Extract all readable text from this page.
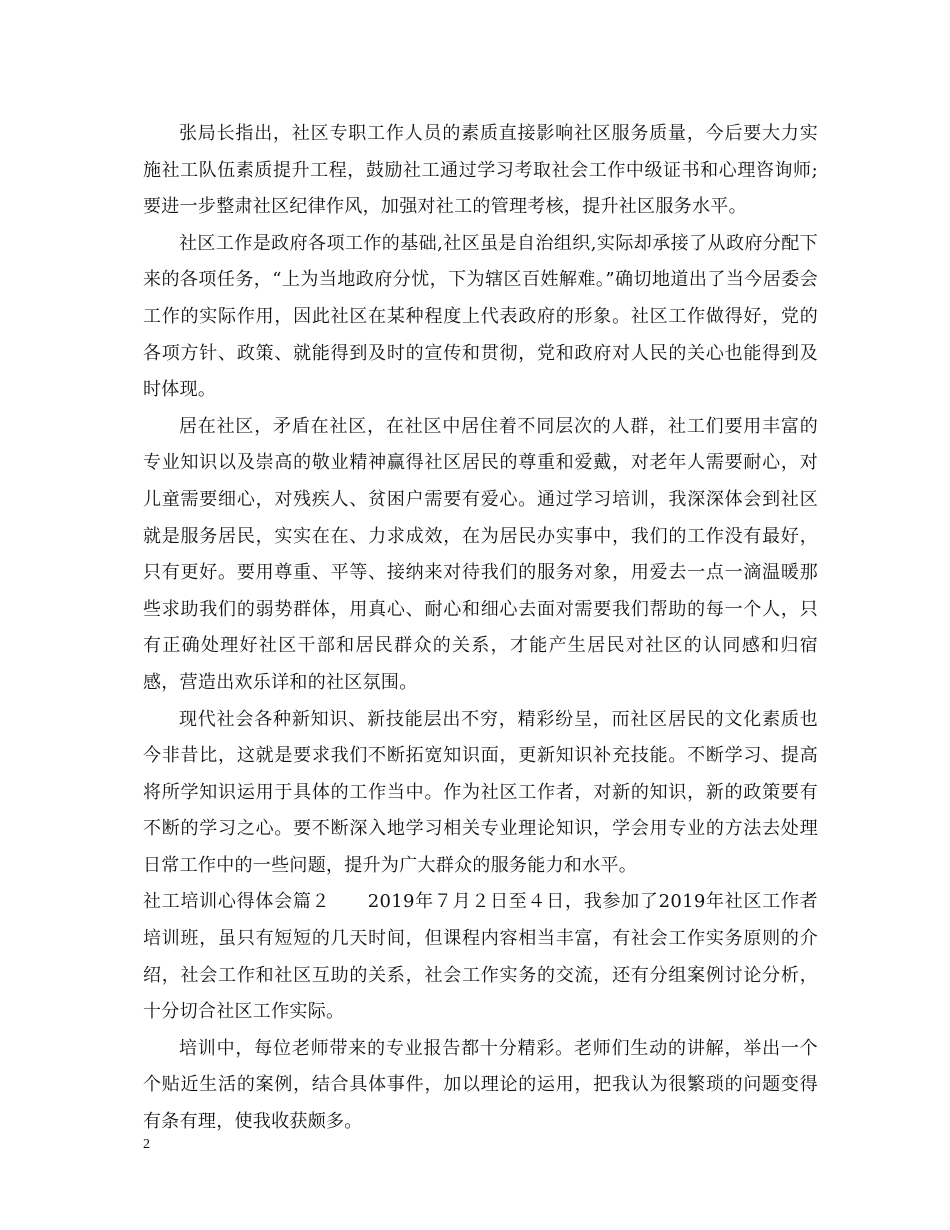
张局长指出，社区专职工作人员的素质直接影响社区服务质量，今后要大力实施社工队伍素质提升工程，鼓励社工通过学习考取社会工作中级证书和心理咨询师;要进一步整肃社区纪律作风，加强对社工的管理考核，提升社区服务水平。

社区工作是政府各项工作的基础,社区虽是自治组织,实际却承接了从政府分配下来的各项任务，“上为当地政府分忧，下为辖区百姓解难。”确切地道出了当今居委会工作的实际作用，因此社区在某种程度上代表政府的形象。社区工作做得好，党的各项方针、政策、就能得到及时的宣传和贯彻，党和政府对人民的关心也能得到及时体现。

居在社区，矛盾在社区，在社区中居住着不同层次的人群，社工们要用丰富的专业知识以及崇高的敬业精神赢得社区居民的尊重和爱戴，对老年人需要耐心，对儿童需要细心，对残疾人、贫困户需要有爱心。通过学习培训，我深深体会到社区就是服务居民，实实在在、力求成效，在为居民办实事中，我们的工作没有最好，只有更好。要用尊重、平等、接纳来对待我们的服务对象，用爱去一点一滴温暖那些求助我们的弱势群体，用真心、耐心和细心去面对需要我们帮助的每一个人，只有正确处理好社区干部和居民群众的关系，才能产生居民对社区的认同感和归宿感，营造出欢乐详和的社区氛围。

现代社会各种新知识、新技能层出不穷，精彩纷呈，而社区居民的文化素质也今非昔比，这就是要求我们不断拓宽知识面，更新知识补充技能。不断学习、提高将所学知识运用于具体的工作当中。作为社区工作者，对新的知识，新的政策要有不断的学习之心。要不断深入地学习相关专业理论知识，学会用专业的方法去处理日常工作中的一些问题，提升为广大群众的服务能力和水平。

社工培训心得体会篇２　　2019年７月２日至４日，我参加了2019年社区工作者培训班，虽只有短短的几天时间，但课程内容相当丰富，有社会工作实务原则的介绍，社会工作和社区互助的关系，社会工作实务的交流，还有分组案例讨论分析，十分切合社区工作实际。

培训中，每位老师带来的专业报告都十分精彩。老师们生动的讲解，举出一个个贴近生活的案例，结合具体事件，加以理论的运用，把我认为很繁琐的问题变得有条有理，使我收获颇多。

2
